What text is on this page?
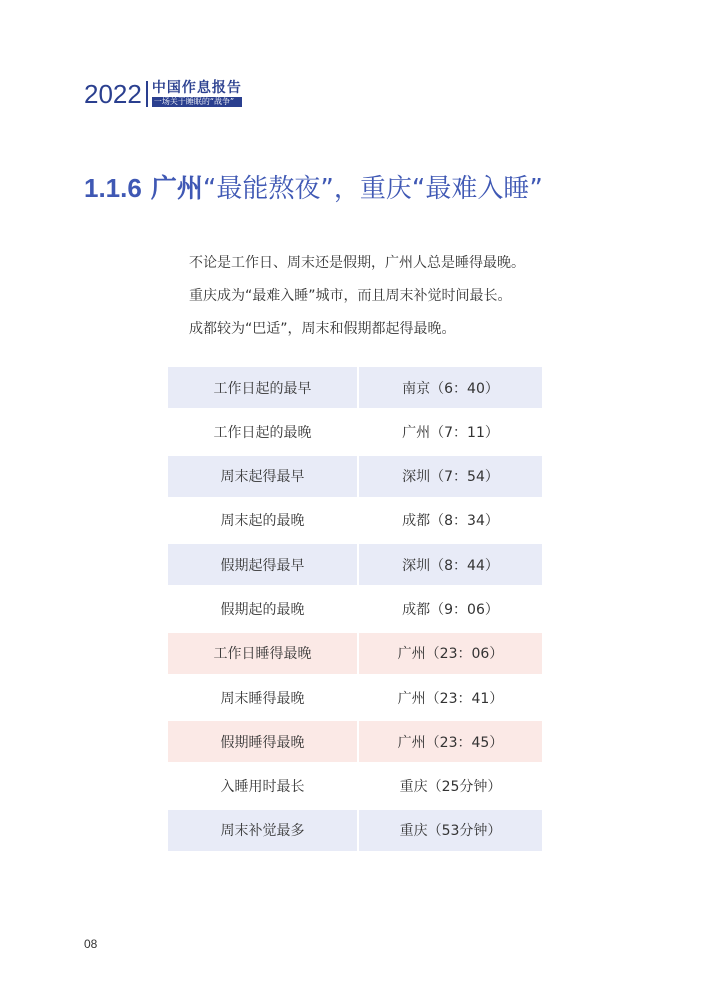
2022 中国作息报告
一场关于睡眠的“战争”
1.1.6 广州“最能熬夜”，重庆“最难入睡”

不论是工作日、周末还是假期，广州人总是睡得最晚。

重庆成为“最难入睡”城市，而且周末补觉时间最长。

成都较为“巴适”，周末和假期都起得最晚。

工作日起的最早	南京（6：40）
工作日起的最晚	广州（7：11）
周末起得最早	深圳（7：54）
周末起的最晚	成都（8：34）
假期起得最早	深圳（8：44）
假期起的最晚	成都（9：06）
工作日睡得最晚	广州（23：06）
周末睡得最晚	广州（23：41）
假期睡得最晚	广州（23：45）
入睡用时最长	重庆（25分钟）
周末补觉最多	重庆（53分钟）
08
